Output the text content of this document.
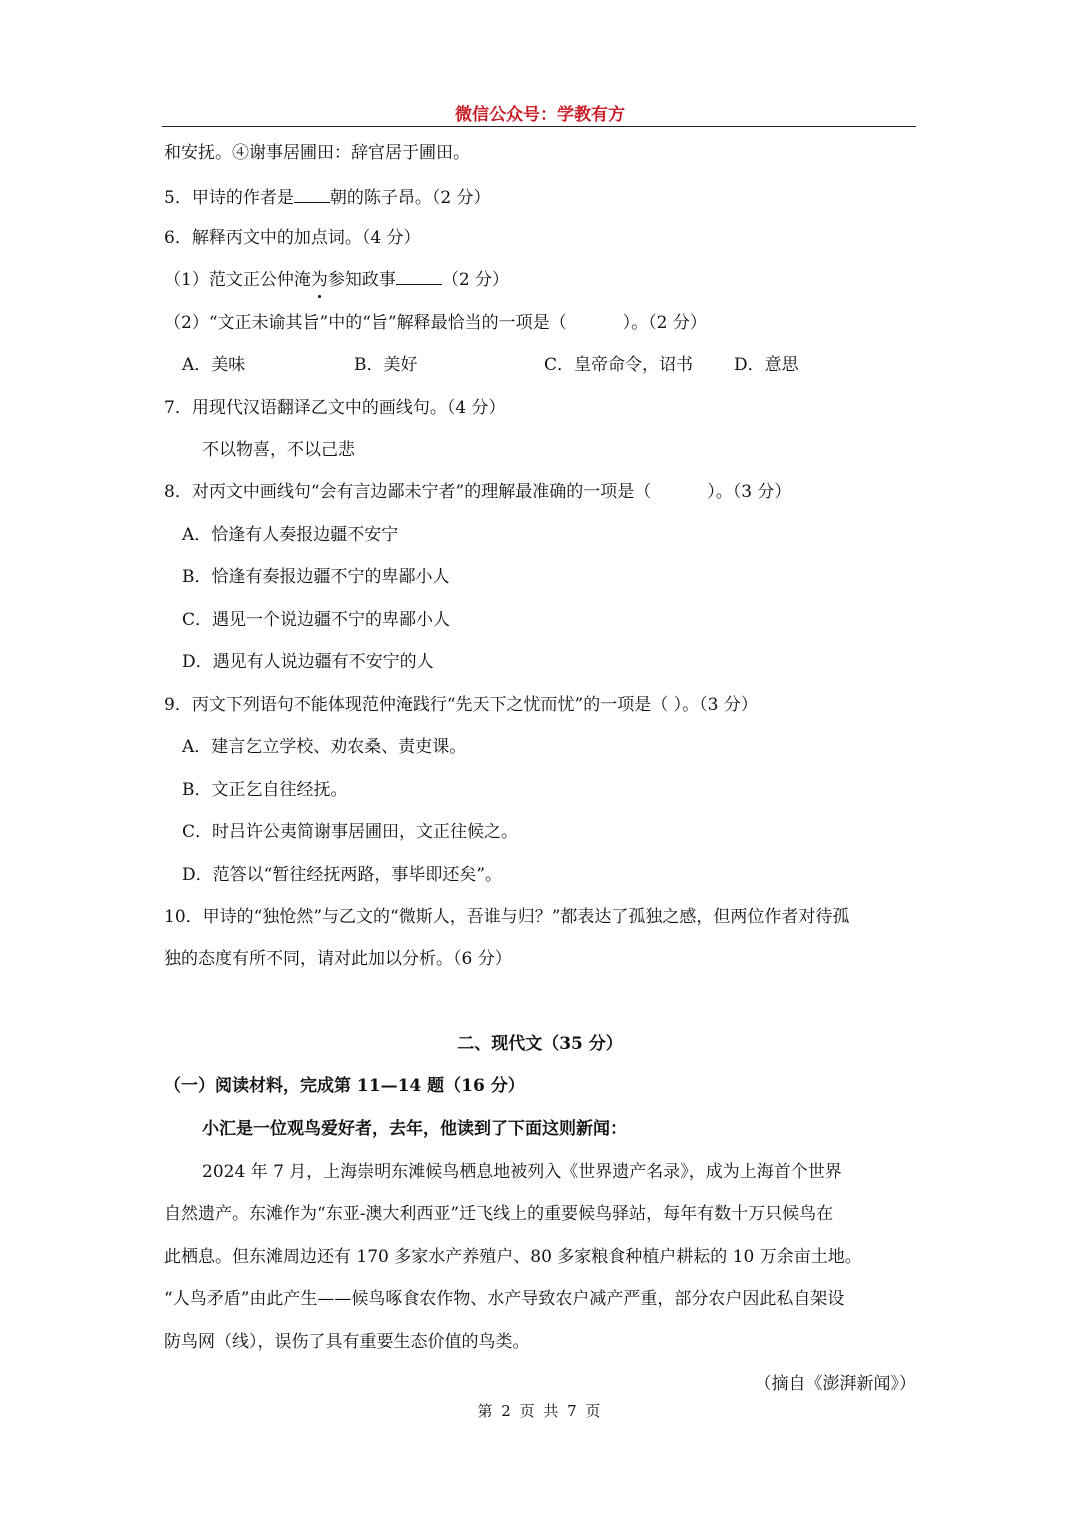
微信公众号：学教有方
和安抚。④谢事居圃田：辞官居于圃田。
5．甲诗的作者是 朝的陈子昂。（2 分）
6．解释丙文中的加点词。（4 分）
（1）范文正公仲淹为参知政事	（2 分）
（2）“文正未谕其旨”中的“旨”解释最恰当的一项是（	）。（2 分）
A．美味	B．美好	C．皇帝命令，诏书 D．意思
7．用现代汉语翻译乙文中的画线句。（4 分）
不以物喜，不以己悲
8．对丙文中画线句“会有言边鄙未宁者”的理解最准确的一项是（	）。（3 分）
A．恰逢有人奏报边疆不安宁
B．恰逢有奏报边疆不宁的卑鄙小人
C．遇见一个说边疆不宁的卑鄙小人
D．遇见有人说边疆有不安宁的人
9．丙文下列语句不能体现范仲淹践行“先天下之忧而忧”的一项是（ ）。（3 分）
A．建言乞立学校、劝农桑、责吏课。
B．文正乞自往经抚。
C．时吕许公夷简谢事居圃田，文正往候之。
D．范答以“暂往经抚两路，事毕即还矣”。
10．甲诗的“独怆然”与乙文的“微斯人，吾谁与归？”都表达了孤独之感，但两位作者对待孤
独的态度有所不同，请对此加以分析。（6 分）
二、现代文（35 分）
（一）阅读材料，完成第 11—14 题（16 分）
小汇是一位观鸟爱好者，去年，他读到了下面这则新闻：
2024 年 7 月，上海崇明东滩候鸟栖息地被列入《世界遗产名录》，成为上海首个世界
自然遗产。东滩作为“东亚-澳大利西亚”迁飞线上的重要候鸟驿站，每年有数十万只候鸟在
此栖息。但东滩周边还有 170 多家水产养殖户、80 多家粮食种植户耕耘的 10 万余亩土地。
“人鸟矛盾”由此产生——候鸟啄食农作物、水产导致农户减产严重，部分农户因此私自架设
防鸟网（线），误伤了具有重要生态价值的鸟类。
（摘自《澎湃新闻》）
第 2 页 共 7 页
